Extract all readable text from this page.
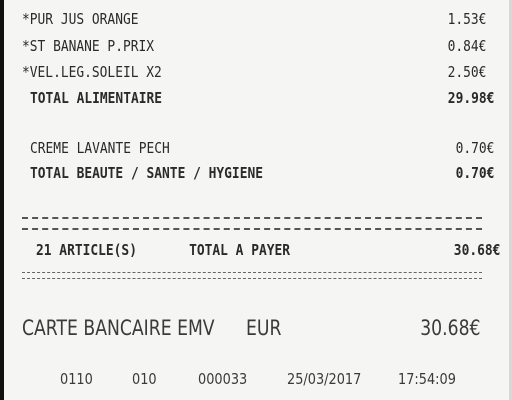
*PUR JUS ORANGE	1.53€
*ST BANANE P.PRIX	0.84€
*VEL.LEG.SOLEIL X2	2.50€
TOTAL ALIMENTAIRE	29.98€
CREME LAVANTE PECH	0.70€
TOTAL BEAUTE / SANTE / HYGIENE	0.70€
21 ARTICLE(S)	TOTAL A PAYER	30.68€
CARTE BANCAIRE EMV EUR	30.68€
0110	010	000033	25/03/2017 17:54:09
